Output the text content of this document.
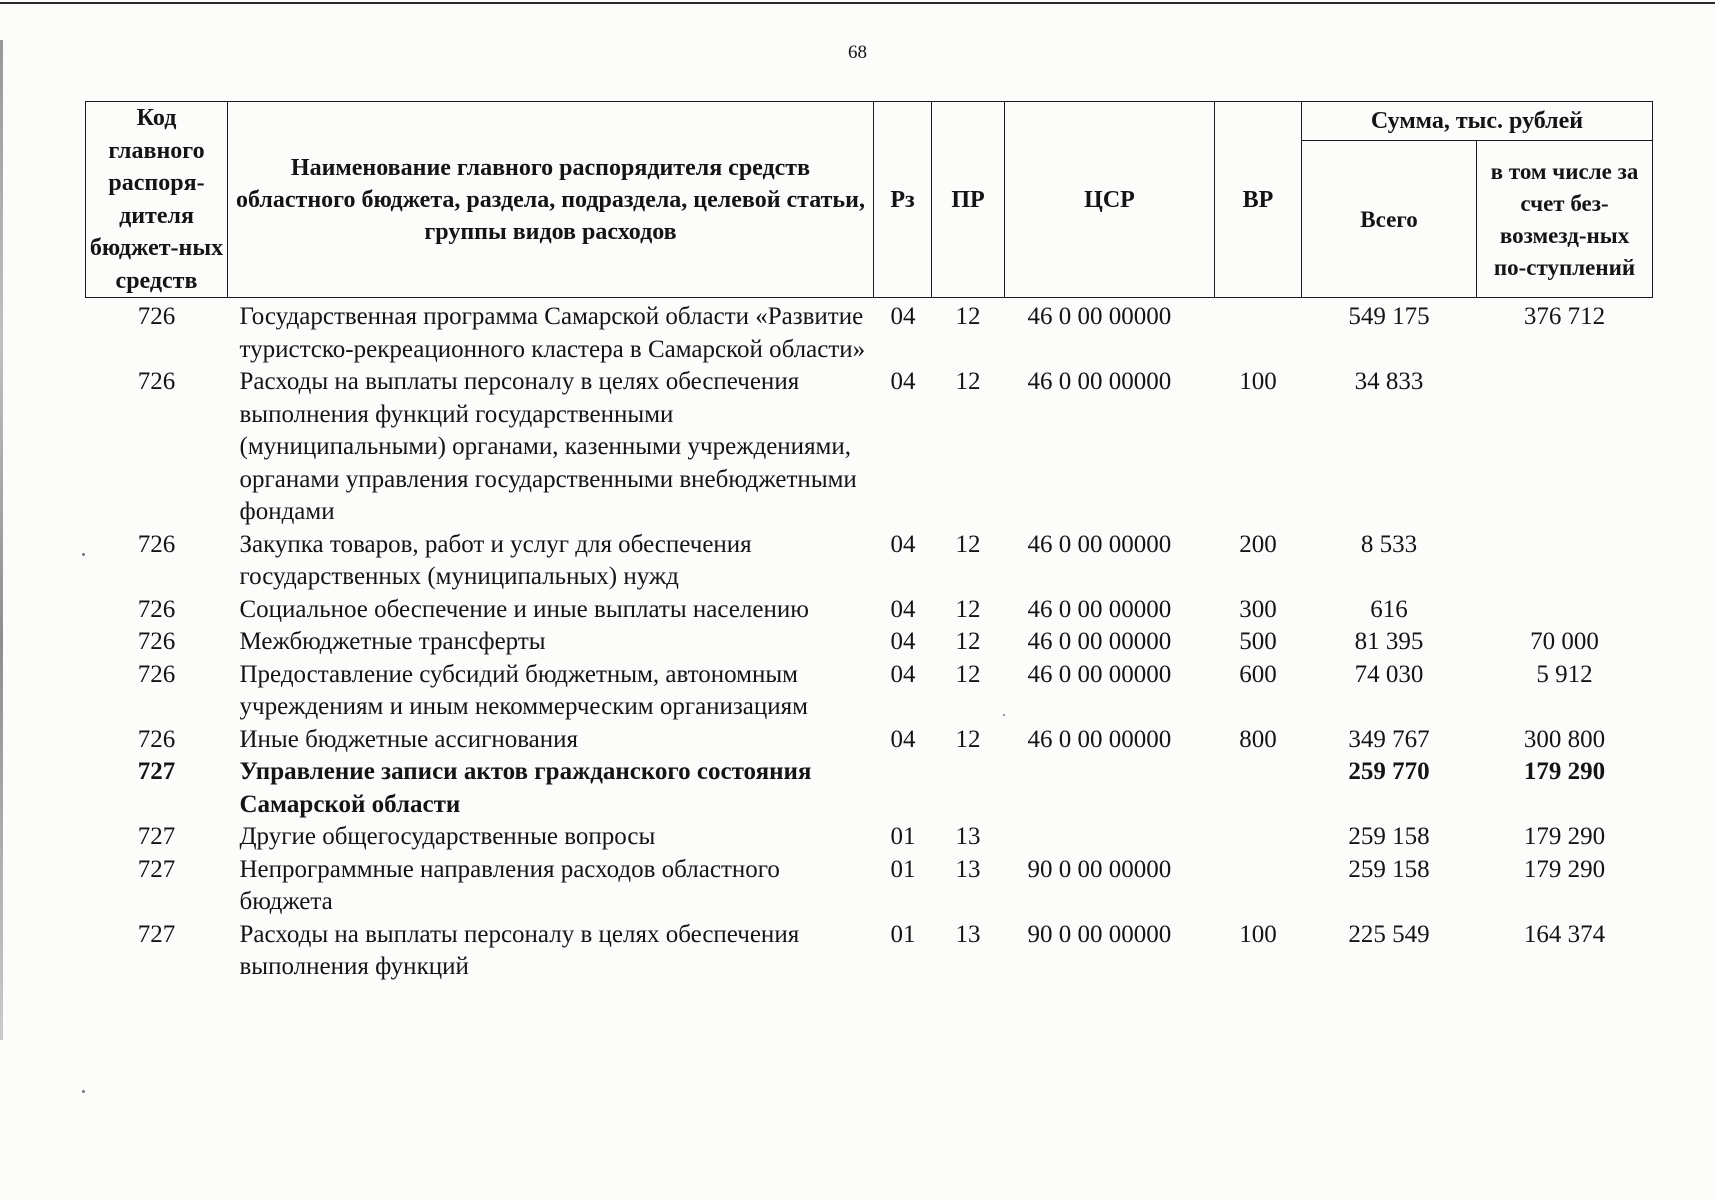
68
Код главного распоря-дителя бюджет-ных средств	Наименование главного распорядителя средств областного бюджета, раздела, подраздела, целевой статьи, группы видов расходов	Рз	ПР	ЦСР	ВР	Сумма, тыс. рублей	
						Всего	в том числе за счет без-возмезд-ных по-ступлений
726	Государственная программа Самарской области «Развитие туристско-рекреационного кластера в Самарской области»	04	12	46 0 00 00000		549 175	376 712
726	Расходы на выплаты персоналу в целях обеспечения выполнения функций государственными (муниципальными) органами, казенными учреждениями, органами управления государственными внебюджетными фондами	04	12	46 0 00 00000	100	34 833	
726	Закупка товаров, работ и услуг для обеспечения государственных (муниципальных) нужд	04	12	46 0 00 00000	200	8 533	
726	Социальное обеспечение и иные выплаты населению	04	12	46 0 00 00000	300	616	
726	Межбюджетные трансферты	04	12	46 0 00 00000	500	81 395	70 000
726	Предоставление субсидий бюджетным, автономным учреждениям и иным некоммерческим организациям	04	12	46 0 00 00000	600	74 030	5 912
726	Иные бюджетные ассигнования	04	12	46 0 00 00000	800	349 767	300 800
727	Управление записи актов гражданского состояния Самарской области					259 770	179 290
727	Другие общегосударственные вопросы	01	13			259 158	179 290
727	Непрограммные направления расходов областного бюджета	01	13	90 0 00 00000		259 158	179 290
727	Расходы на выплаты персоналу в целях обеспечения выполнения функций	01	13	90 0 00 00000	100	225 549	164 374
